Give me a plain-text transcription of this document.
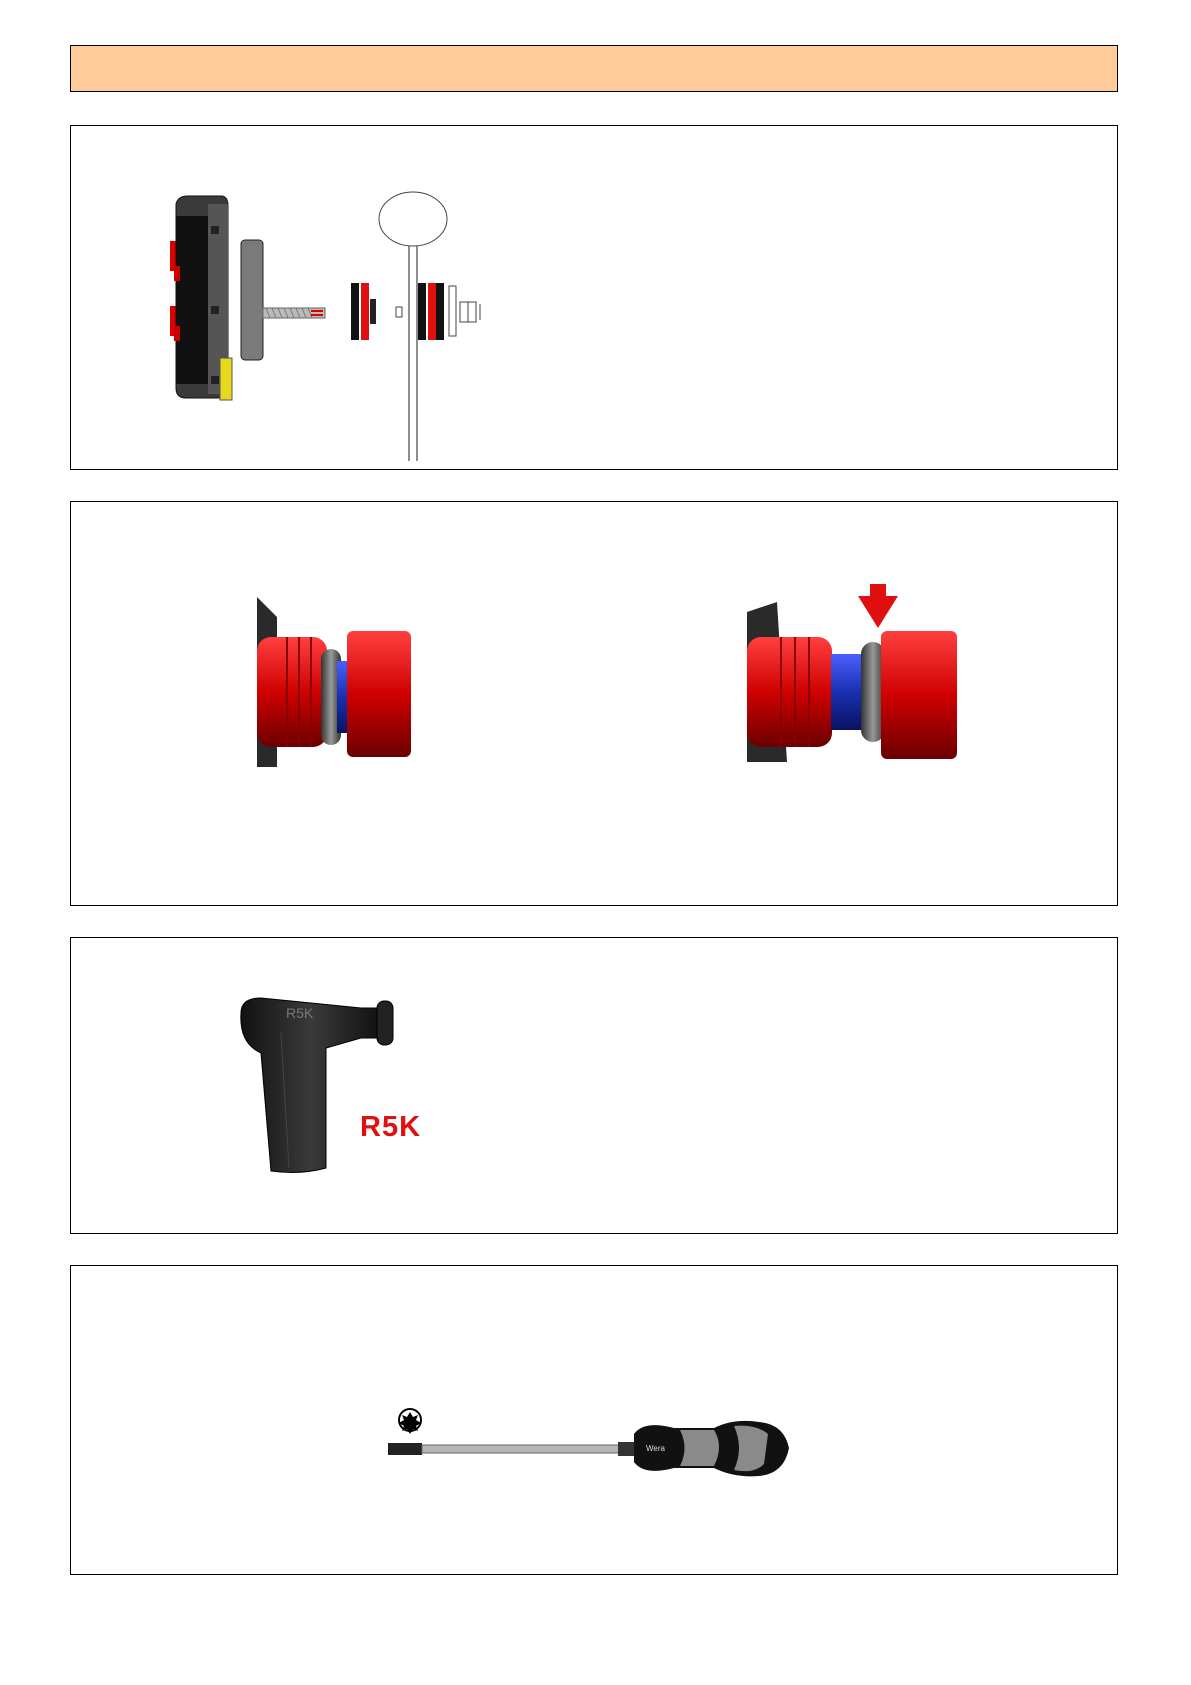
R5K
R5K
Wera
